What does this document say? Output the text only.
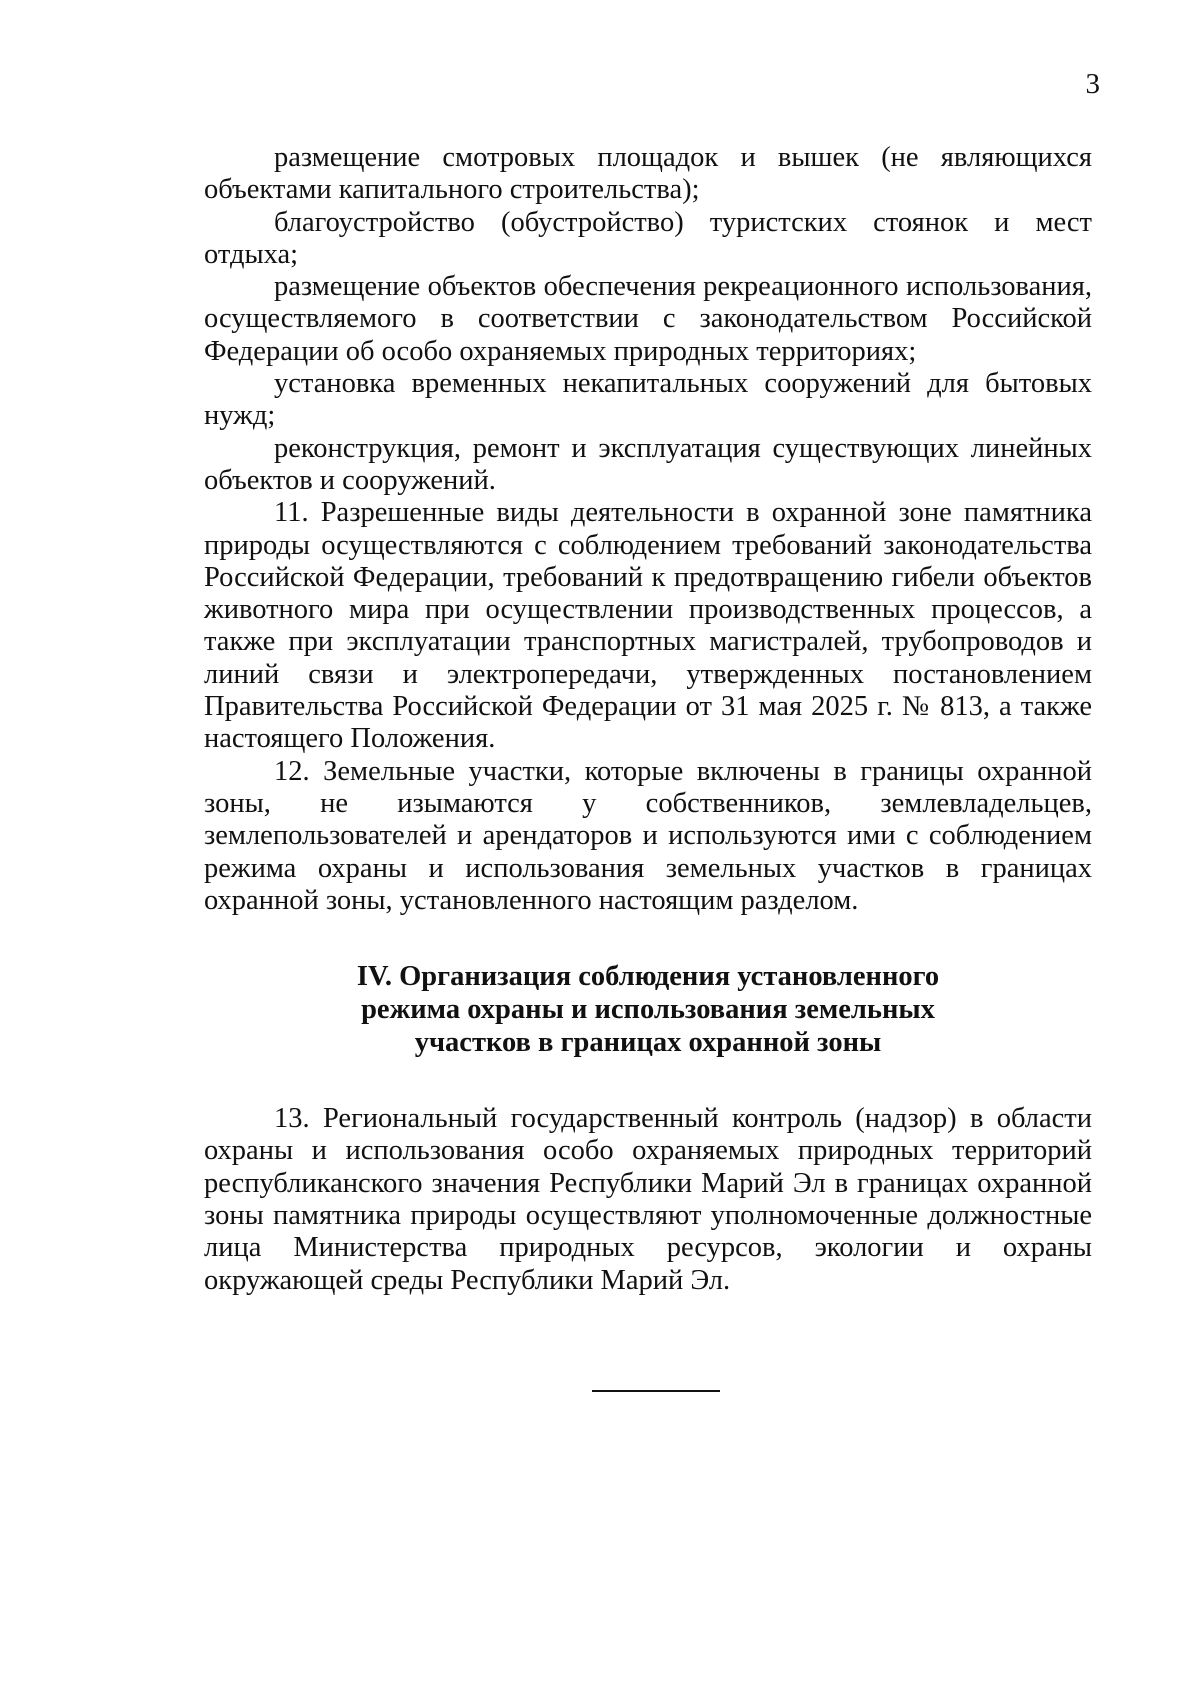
3

размещение смотровых площадок и вышек (не являющихся объектами капитального строительства);

благоустройство (обустройство) туристских стоянок и мест отдыха;

размещение объектов обеспечения рекреационного использования, осуществляемого в соответствии с законодательством Российской Федерации об особо охраняемых природных территориях;

установка временных некапитальных сооружений для бытовых нужд;

реконструкция, ремонт и эксплуатация существующих линейных объектов и сооружений.

11. Разрешенные виды деятельности в охранной зоне памятника природы осуществляются с соблюдением требований законодательства Российской Федерации, требований к предотвращению гибели объектов животного мира при осуществлении производственных процессов, а также при эксплуатации транспортных магистралей, трубопроводов и линий связи и электропередачи, утвержденных постановлением Правительства Российской Федерации от 31 мая 2025 г. № 813, а также настоящего Положения.

12. Земельные участки, которые включены в границы охранной зоны, не изымаются у собственников, землевладельцев, землепользователей и арендаторов и используются ими с соблюдением режима охраны и использования земельных участков в границах охранной зоны, установленного настоящим разделом.

IV. Организация соблюдения установленного
режима охраны и использования земельных
участков в границах охранной зоны

13. Региональный государственный контроль (надзор) в области охраны и использования особо охраняемых природных территорий республиканского значения Республики Марий Эл в границах охранной зоны памятника природы осуществляют уполномоченные должностные лица Министерства природных ресурсов, экологии и охраны окружающей среды Республики Марий Эл.
